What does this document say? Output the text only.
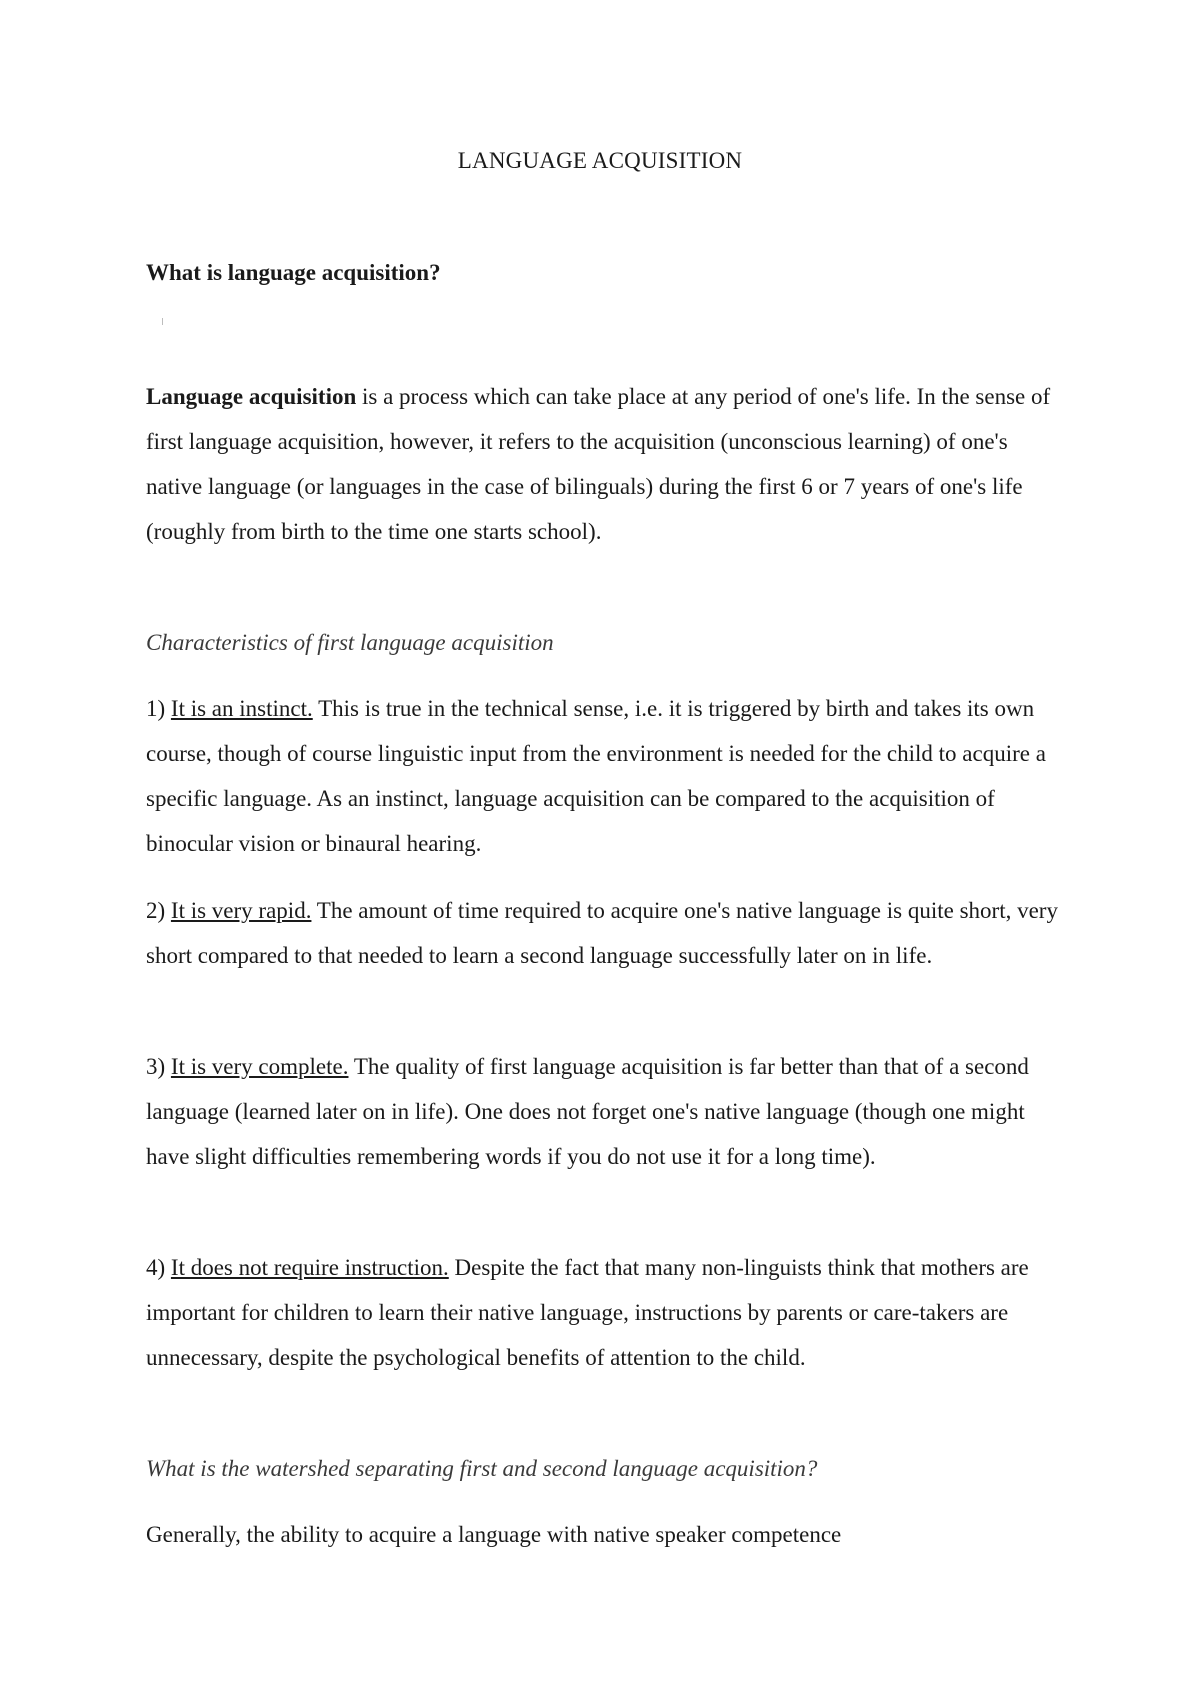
LANGUAGE ACQUISITION
What is language acquisition?

Language acquisition is a process which can take place at any period of one's life. In the sense of first language acquisition, however, it refers to the acquisition (unconscious learning) of one's native language (or languages in the case of bilinguals) during the first 6 or 7 years of one's life (roughly from birth to the time one starts school).

Characteristics of first language acquisition

1) It is an instinct. This is true in the technical sense, i.e. it is triggered by birth and takes its own course, though of course linguistic input from the environment is needed for the child to acquire a specific language. As an instinct, language acquisition can be compared to the acquisition of binocular vision or binaural hearing.

2) It is very rapid. The amount of time required to acquire one's native language is quite short, very short compared to that needed to learn a second language successfully later on in life.

3) It is very complete. The quality of first language acquisition is far better than that of a second language (learned later on in life). One does not forget one's native language (though one might have slight difficulties remembering words if you do not use it for a long time).

4) It does not require instruction. Despite the fact that many non-linguists think that mothers are important for children to learn their native language, instructions by parents or care-takers are unnecessary, despite the psychological benefits of attention to the child.

What is the watershed separating first and second language acquisition?

Generally, the ability to acquire a language with native speaker competence
